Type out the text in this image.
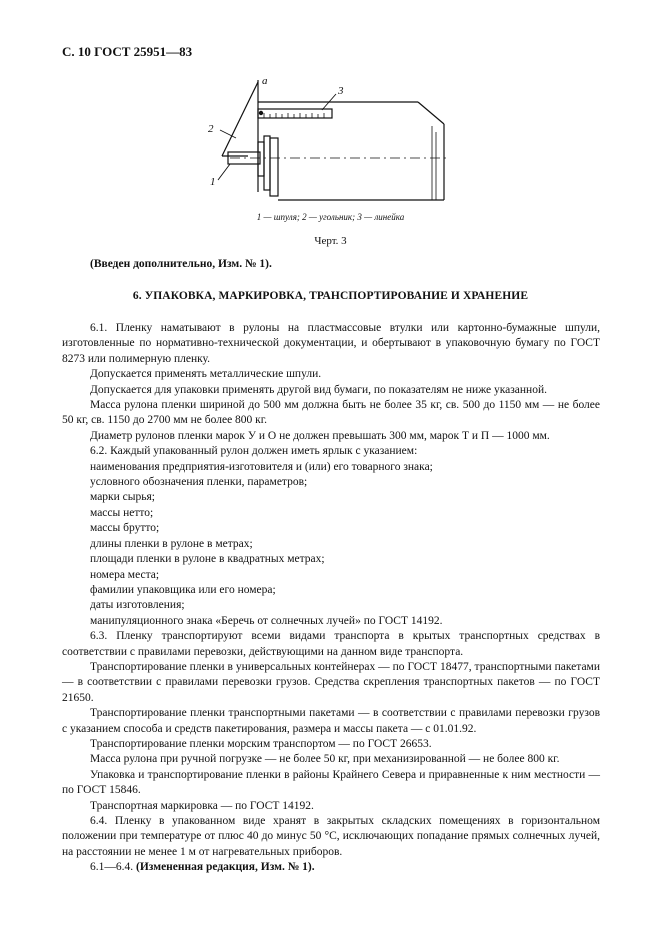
С. 10 ГОСТ 25951—83
а
2
1
3
1 — шпуля; 2 — угольник; 3 — линейка
Черт. 3
(Введен дополнительно, Изм. № 1).
6. УПАКОВКА, МАРКИРОВКА, ТРАНСПОРТИРОВАНИЕ И ХРАНЕНИЕ

6.1. Пленку наматывают в рулоны на пластмассовые втулки или картонно-бумажные шпули, изготовленные по нормативно-технической документации, и обертывают в упаковочную бумагу по ГОСТ 8273 или полимерную пленку.

Допускается применять металлические шпули.

Допускается для упаковки применять другой вид бумаги, по показателям не ниже указанной.

Масса рулона пленки шириной до 500 мм должна быть не более 35 кг, св. 500 до 1150 мм — не более 50 кг, св. 1150 до 2700 мм не более 800 кг.

Диаметр рулонов пленки марок У и О не должен превышать 300 мм, марок Т и П — 1000 мм.

6.2. Каждый упакованный рулон должен иметь ярлык с указанием:

наименования предприятия-изготовителя и (или) его товарного знака;

условного обозначения пленки, параметров;

марки сырья;

массы нетто;

массы брутто;

длины пленки в рулоне в метрах;

площади пленки в рулоне в квадратных метрах;

номера места;

фамилии упаковщика или его номера;

даты изготовления;

манипуляционного знака «Беречь от солнечных лучей» по ГОСТ 14192.

6.3. Пленку транспортируют всеми видами транспорта в крытых транспортных средствах в соответствии с правилами перевозки, действующими на данном виде транспорта.

Транспортирование пленки в универсальных контейнерах — по ГОСТ 18477, транспортными пакетами — в соответствии с правилами перевозки грузов. Средства скрепления транспортных пакетов — по ГОСТ 21650.

Транспортирование пленки транспортными пакетами — в соответствии с правилами перевозки грузов с указанием способа и средств пакетирования, размера и массы пакета — с 01.01.92.

Транспортирование пленки морским транспортом — по ГОСТ 26653.

Масса рулона при ручной погрузке — не более 50 кг, при механизированной — не более 800 кг.

Упаковка и транспортирование пленки в районы Крайнего Севера и приравненные к ним местности — по ГОСТ 15846.

Транспортная маркировка — по ГОСТ 14192.

6.4. Пленку в упакованном виде хранят в закрытых складских помещениях в горизонтальном положении при температуре от плюс 40 до минус 50 °С, исключающих попадание прямых солнечных лучей, на расстоянии не менее 1 м от нагревательных приборов.

6.1—6.4. (Измененная редакция, Изм. № 1).
